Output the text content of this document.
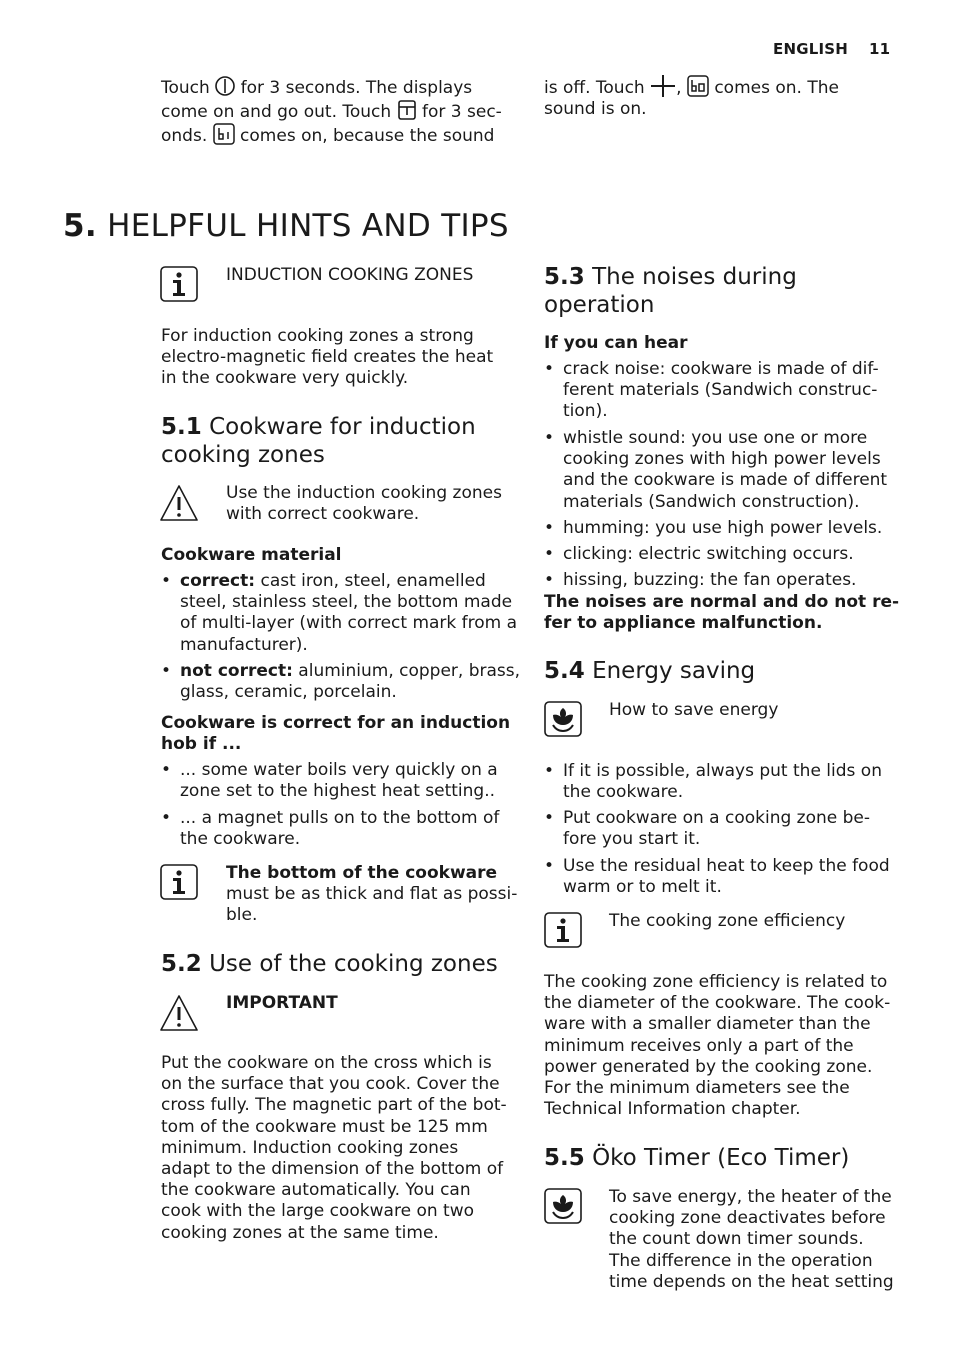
ENGLISH 11
Touch for 3 seconds. The displays
come on and go out. Touch for 3 sec-
onds. comes on, because the sound
is off. Touch , comes on. The
sound is on.
5. HELPFUL HINTS AND TIPS
INDUCTION COOKING ZONES
For induction cooking zones a strong
electro-magnetic field creates the heat
in the cookware very quickly.
5.1 Cookware for induction
cooking zones
Use the induction cooking zones
with correct cookware.
Cookware material
• correct: cast iron, steel, enamelled
steel, stainless steel, the bottom made
of multi-layer (with correct mark from a
manufacturer).
• not correct: aluminium, copper, brass,
glass, ceramic, porcelain.
Cookware is correct for an induction
hob if ...
• ... some water boils very quickly on a
zone set to the highest heat setting..
• ... a magnet pulls on to the bottom of
the cookware.
The bottom of the cookware
must be as thick and flat as possi-
ble.
5.2 Use of the cooking zones
IMPORTANT
Put the cookware on the cross which is
on the surface that you cook. Cover the
cross fully. The magnetic part of the bot-
tom of the cookware must be 125 mm
minimum. Induction cooking zones
adapt to the dimension of the bottom of
the cookware automatically. You can
cook with the large cookware on two
cooking zones at the same time.
5.3 The noises during
operation
If you can hear
• crack noise: cookware is made of dif-
ferent materials (Sandwich construc-
tion).
• whistle sound: you use one or more
cooking zones with high power levels
and the cookware is made of different
materials (Sandwich construction).
• humming: you use high power levels.
• clicking: electric switching occurs.
• hissing, buzzing: the fan operates.
The noises are normal and do not re-
fer to appliance malfunction.
5.4 Energy saving
How to save energy
• If it is possible, always put the lids on
the cookware.
• Put cookware on a cooking zone be-
fore you start it.
• Use the residual heat to keep the food
warm or to melt it.
The cooking zone efficiency
The cooking zone efficiency is related to
the diameter of the cookware. The cook-
ware with a smaller diameter than the
minimum receives only a part of the
power generated by the cooking zone.
For the minimum diameters see the
Technical Information chapter.
5.5 Öko Timer (Eco Timer)
To save energy, the heater of the
cooking zone deactivates before
the count down timer sounds.
The difference in the operation
time depends on the heat setting
